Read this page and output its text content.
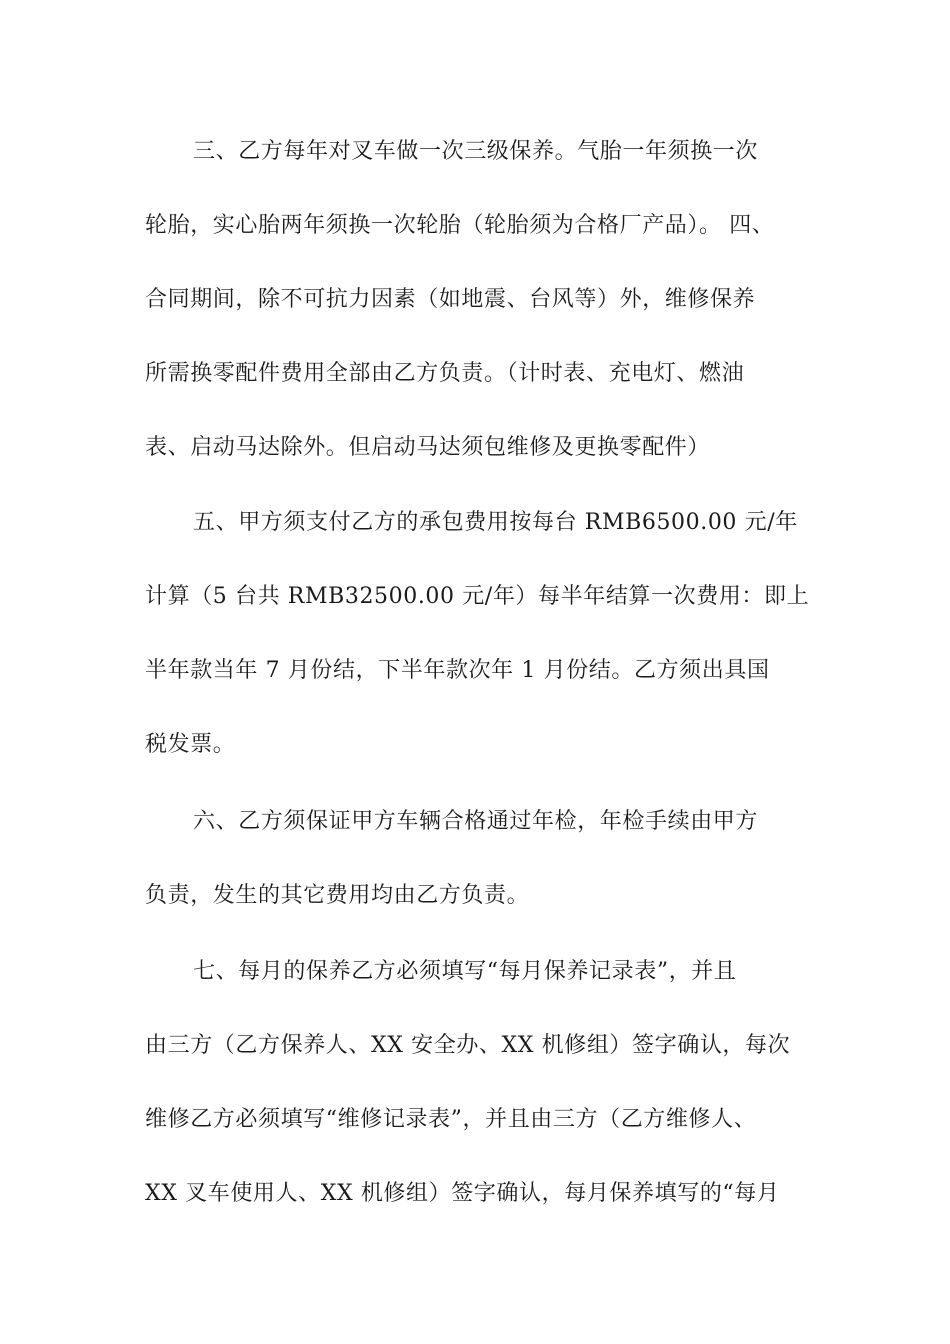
三、乙方每年对叉车做一次三级保养。气胎一年须换一次
轮胎，实心胎两年须换一次轮胎（轮胎须为合格厂产品）。 四、
合同期间，除不可抗力因素（如地震、台风等）外，维修保养
所需换零配件费用全部由乙方负责。（计时表、充电灯、燃油
表、启动马达除外。但启动马达须包维修及更换零配件）
五、甲方须支付乙方的承包费用按每台 RMB6500.00 元/年
计算（5 台共 RMB32500.00 元/年）每半年结算一次费用：即上
半年款当年 7 月份结，下半年款次年 1 月份结。乙方须出具国
税发票。
六、乙方须保证甲方车辆合格通过年检，年检手续由甲方
负责，发生的其它费用均由乙方负责。
七、每月的保养乙方必须填写“每月保养记录表”，并且
由三方（乙方保养人、XX 安全办、XX 机修组）签字确认，每次
维修乙方必须填写“维修记录表”，并且由三方（乙方维修人、
XX 叉车使用人、XX 机修组）签字确认，每月保养填写的“每月
